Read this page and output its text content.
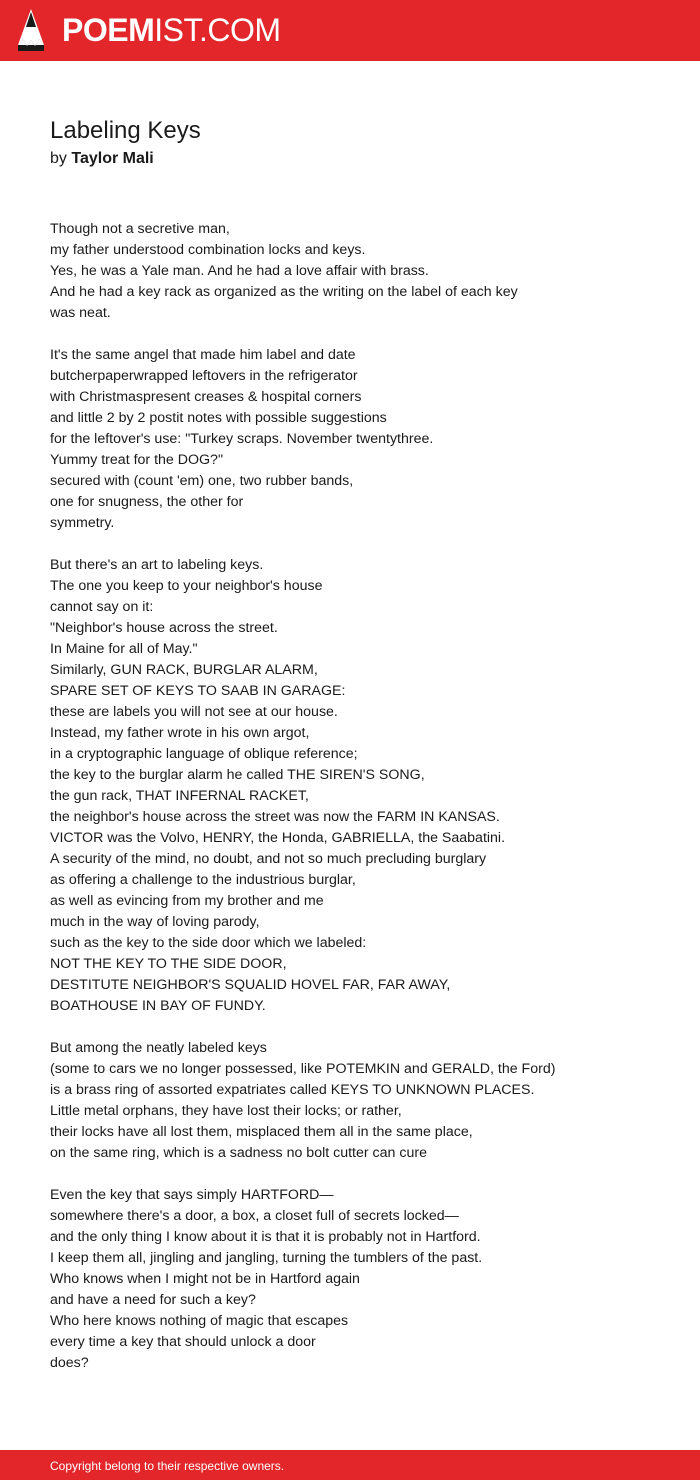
POEMIST.COM
Labeling Keys
by Taylor Mali
Though not a secretive man,
my father understood combination locks and keys.
Yes, he was a Yale man. And he had a love affair with brass.
And he had a key rack as organized as the writing on the label of each key
was neat.
It's the same angel that made him label and date
butcherpaperwrapped leftovers in the refrigerator
with Christmaspresent creases & hospital corners
and little 2 by 2 postit notes with possible suggestions
for the leftover's use: "Turkey scraps. November twentythree.
Yummy treat for the DOG?"
secured with (count 'em) one, two rubber bands,
one for snugness, the other for
symmetry.
But there's an art to labeling keys.
The one you keep to your neighbor's house
cannot say on it:
"Neighbor's house across the street.
In Maine for all of May."
Similarly, GUN RACK, BURGLAR ALARM,
SPARE SET OF KEYS TO SAAB IN GARAGE:
these are labels you will not see at our house.
Instead, my father wrote in his own argot,
in a cryptographic language of oblique reference;
the key to the burglar alarm he called THE SIREN'S SONG,
the gun rack, THAT INFERNAL RACKET,
the neighbor's house across the street was now the FARM IN KANSAS.
VICTOR was the Volvo, HENRY, the Honda, GABRIELLA, the Saabatini.
A security of the mind, no doubt, and not so much precluding burglary
as offering a challenge to the industrious burglar,
as well as evincing from my brother and me
much in the way of loving parody,
such as the key to the side door which we labeled:
NOT THE KEY TO THE SIDE DOOR,
DESTITUTE NEIGHBOR'S SQUALID HOVEL FAR, FAR AWAY,
BOATHOUSE IN BAY OF FUNDY.
But among the neatly labeled keys
(some to cars we no longer possessed, like POTEMKIN and GERALD, the Ford)
is a brass ring of assorted expatriates called KEYS TO UNKNOWN PLACES.
Little metal orphans, they have lost their locks; or rather,
their locks have all lost them, misplaced them all in the same place,
on the same ring, which is a sadness no bolt cutter can cure
Even the key that says simply HARTFORD—
somewhere there's a door, a box, a closet full of secrets locked—
and the only thing I know about it is that it is probably not in Hartford.
I keep them all, jingling and jangling, turning the tumblers of the past.
Who knows when I might not be in Hartford again
and have a need for such a key?
Who here knows nothing of magic that escapes
every time a key that should unlock a door
does?
Copyright belong to their respective owners.
